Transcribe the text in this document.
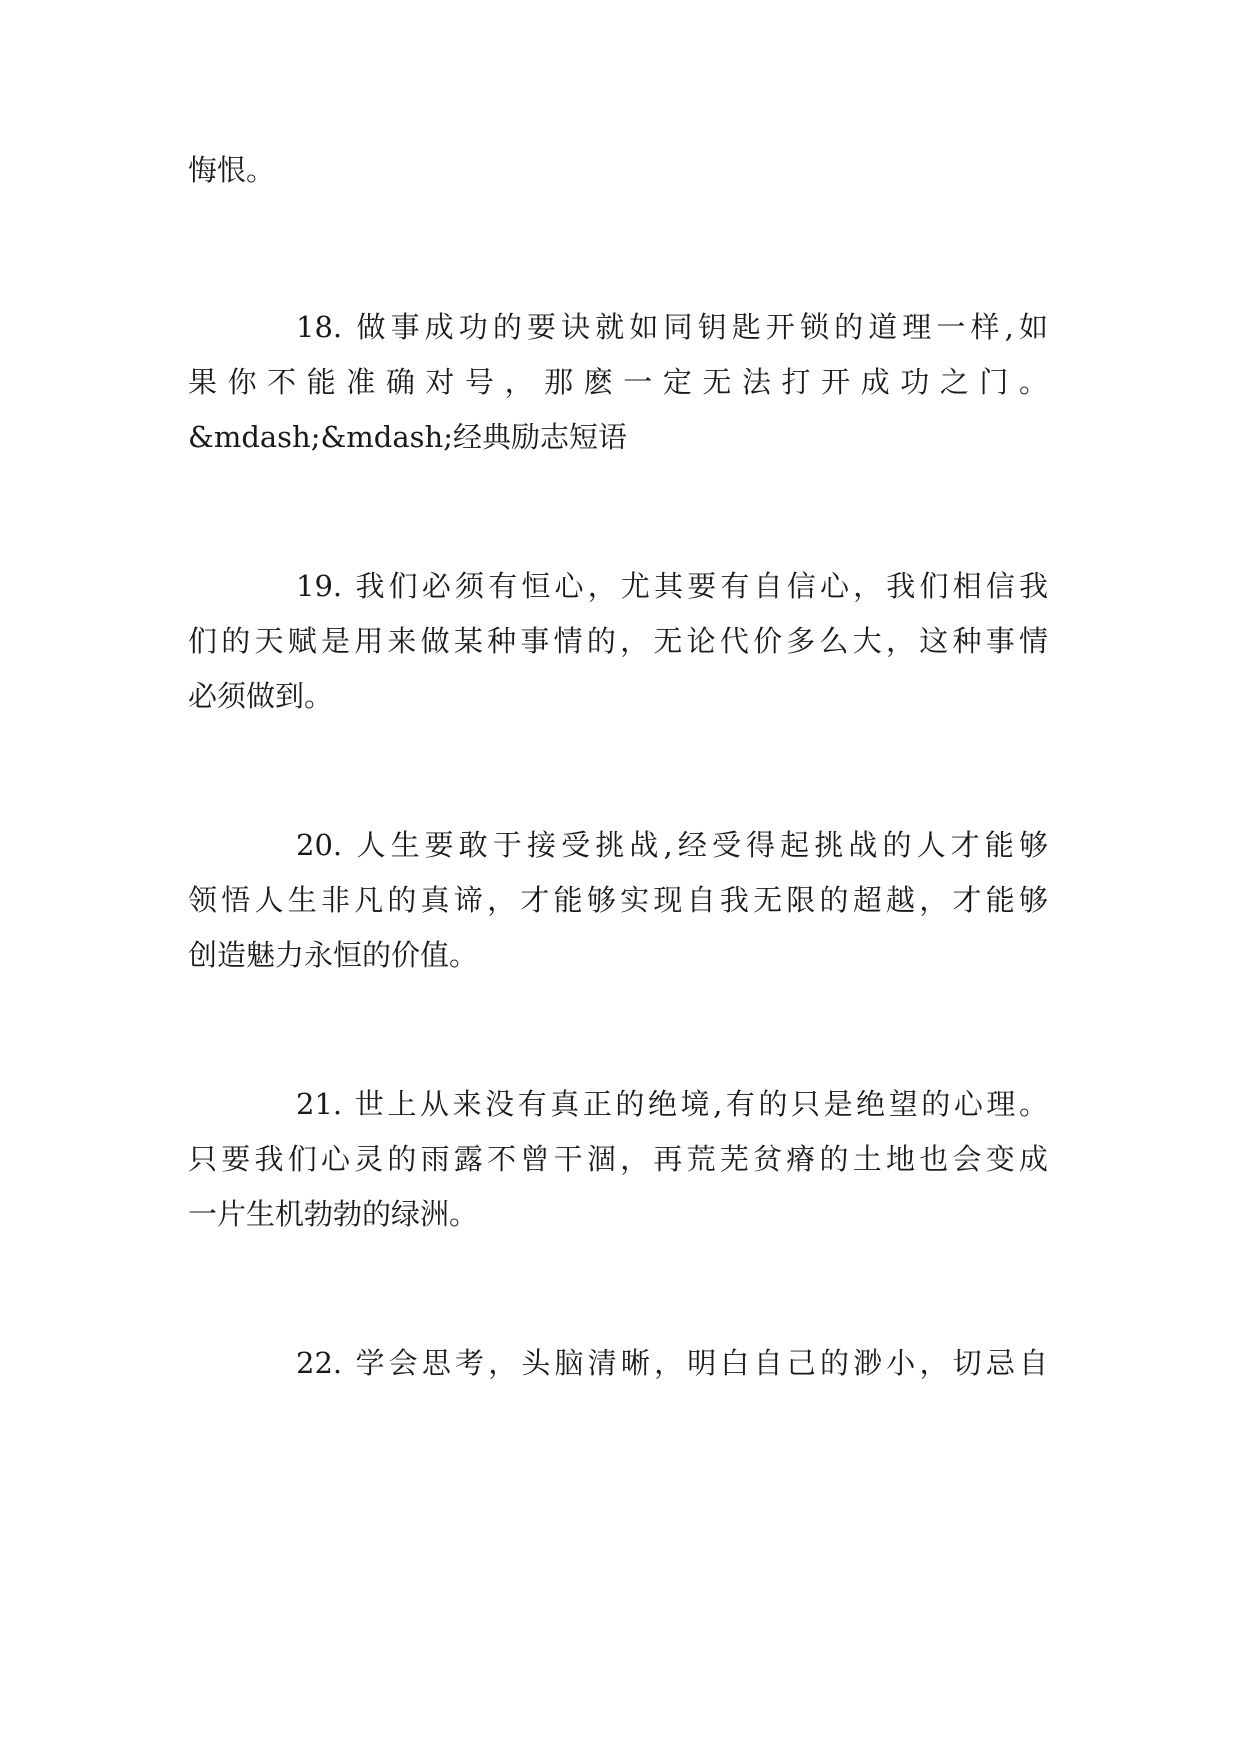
悔恨。
18. 做事成功的要诀就如同钥匙开锁的道理一样,如
果你不能准确对号，那麽一定无法打开成功之门。
&mdash;&mdash;经典励志短语
19. 我们必须有恒心，尤其要有自信心，我们相信我
们的天赋是用来做某种事情的，无论代价多么大，这种事情
必须做到。
20. 人生要敢于接受挑战,经受得起挑战的人才能够
领悟人生非凡的真谛，才能够实现自我无限的超越，才能够
创造魅力永恒的价值。
21. 世上从来没有真正的绝境,有的只是绝望的心理。
只要我们心灵的雨露不曾干涸，再荒芜贫瘠的土地也会变成
一片生机勃勃的绿洲。
22. 学会思考，头脑清晰，明白自己的渺小，切忌自
